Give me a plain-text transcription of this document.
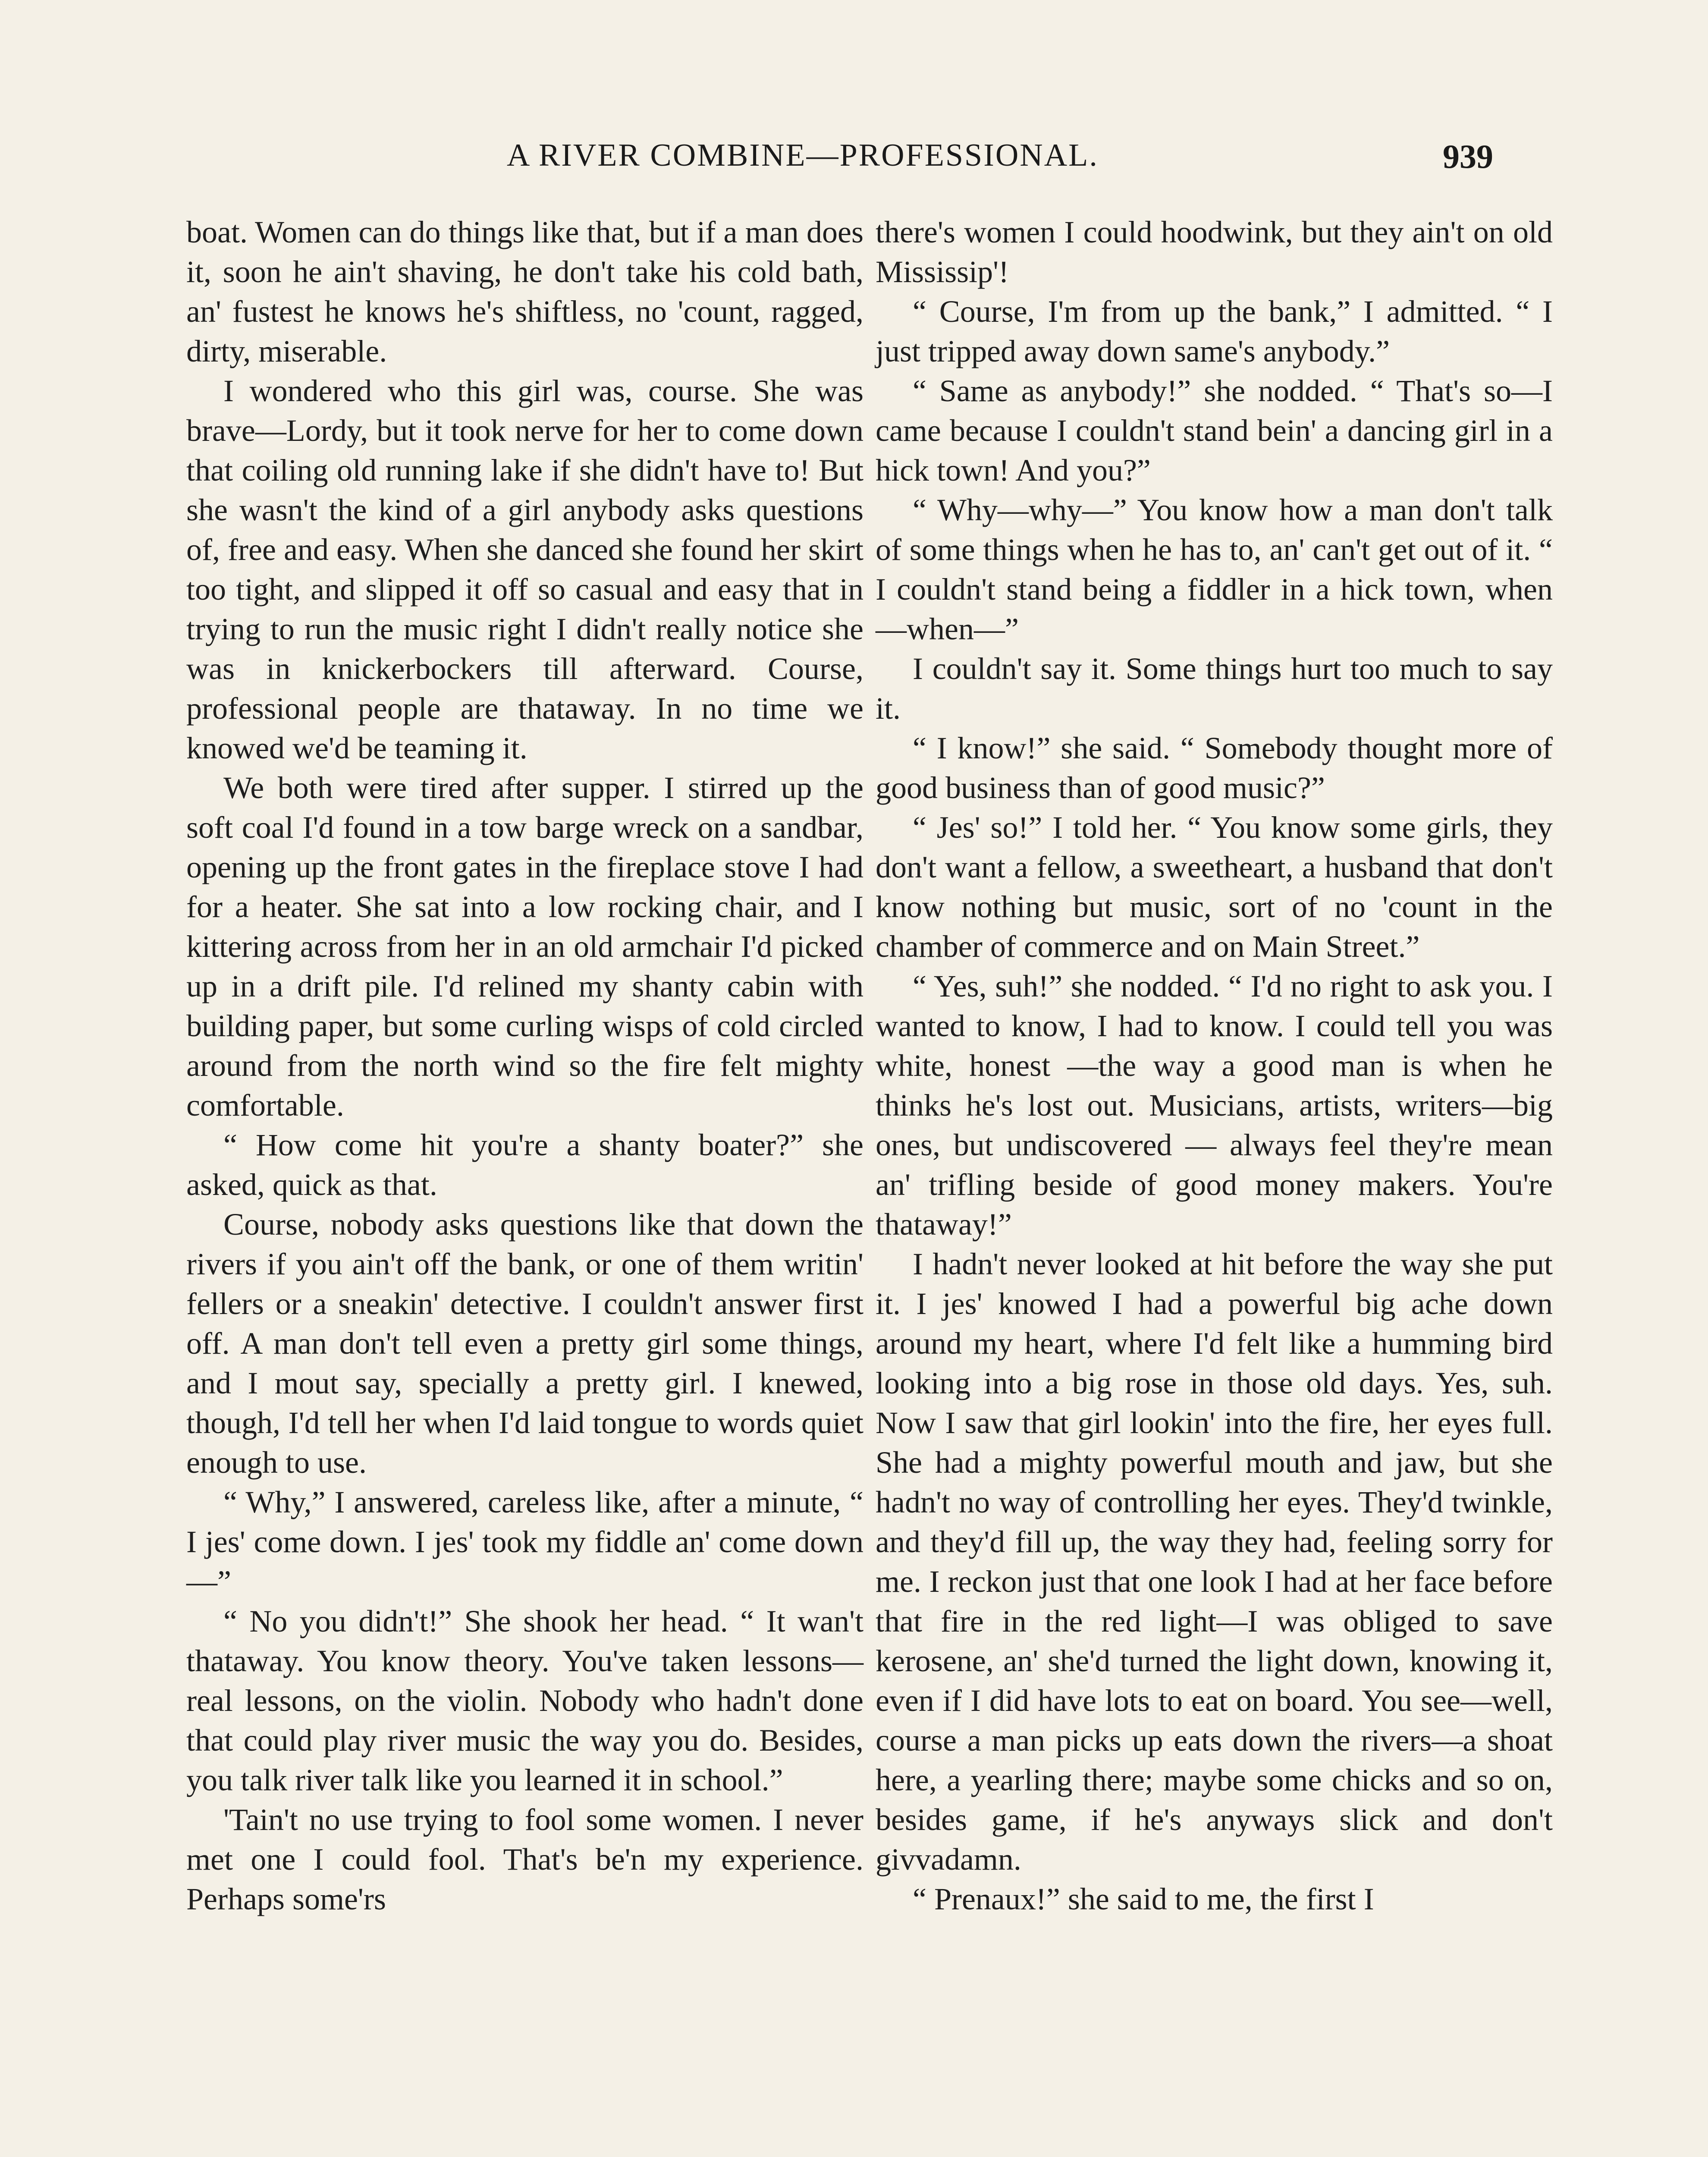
A RIVER COMBINE—PROFESSIONAL.	939

boat. Women can do things like that, but if a man does it, soon he ain't shaving, he don't take his cold bath, an' fustest he knows he's shiftless, no 'count, ragged, dirty, miserable.

I wondered who this girl was, course. She was brave—Lordy, but it took nerve for her to come down that coiling old running lake if she didn't have to! But she wasn't the kind of a girl anybody asks questions of, free and easy. When she danced she found her skirt too tight, and slipped it off so casual and easy that in trying to run the music right I didn't really notice she was in knickerbockers till afterward. Course, professional people are thataway. In no time we knowed we'd be teaming it.

We both were tired after supper. I stirred up the soft coal I'd found in a tow barge wreck on a sandbar, opening up the front gates in the fireplace stove I had for a heater. She sat into a low rocking chair, and I kittering across from her in an old armchair I'd picked up in a drift pile. I'd relined my shanty cabin with building paper, but some curling wisps of cold circled around from the north wind so the fire felt mighty comfortable.

“ How come hit you're a shanty boater?” she asked, quick as that.

Course, nobody asks questions like that down the rivers if you ain't off the bank, or one of them writin' fellers or a sneakin' detective. I couldn't answer first off. A man don't tell even a pretty girl some things, and I mout say, specially a pretty girl. I knewed, though, I'd tell her when I'd laid tongue to words quiet enough to use.

“ Why,” I answered, careless like, after a minute, “ I jes' come down. I jes' took my fiddle an' come down—”

“ No you didn't!” She shook her head. “ It wan't thataway. You know theory. You've taken lessons—real lessons, on the violin. Nobody who hadn't done that could play river music the way you do. Besides, you talk river talk like you learned it in school.”

'Tain't no use trying to fool some women. I never met one I could fool. That's be'n my experience. Perhaps some'rs

there's women I could hoodwink, but they ain't on old Mississip'!

“ Course, I'm from up the bank,” I admitted. “ I just tripped away down same's anybody.”

“ Same as anybody!” she nodded. “ That's so—I came because I couldn't stand bein' a dancing girl in a hick town! And you?”

“ Why—why—” You know how a man don't talk of some things when he has to, an' can't get out of it. “ I couldn't stand being a fiddler in a hick town, when—when—”

I couldn't say it. Some things hurt too much to say it.

“ I know!” she said. “ Somebody thought more of good business than of good music?”

“ Jes' so!” I told her. “ You know some girls, they don't want a fellow, a sweetheart, a husband that don't know nothing but music, sort of no 'count in the chamber of commerce and on Main Street.”

“ Yes, suh!” she nodded. “ I'd no right to ask you. I wanted to know, I had to know. I could tell you was white, honest —the way a good man is when he thinks he's lost out. Musicians, artists, writers—big ones, but undiscovered — always feel they're mean an' trifling beside of good money makers. You're thataway!”

I hadn't never looked at hit before the way she put it. I jes' knowed I had a powerful big ache down around my heart, where I'd felt like a humming bird looking into a big rose in those old days. Yes, suh. Now I saw that girl lookin' into the fire, her eyes full. She had a mighty powerful mouth and jaw, but she hadn't no way of controlling her eyes. They'd twinkle, and they'd fill up, the way they had, feeling sorry for me. I reckon just that one look I had at her face before that fire in the red light—I was obliged to save kerosene, an' she'd turned the light down, knowing it, even if I did have lots to eat on board. You see—well, course a man picks up eats down the rivers—a shoat here, a yearling there; maybe some chicks and so on, besides game, if he's anyways slick and don't givvadamn.

“ Prenaux!” she said to me, the first I
